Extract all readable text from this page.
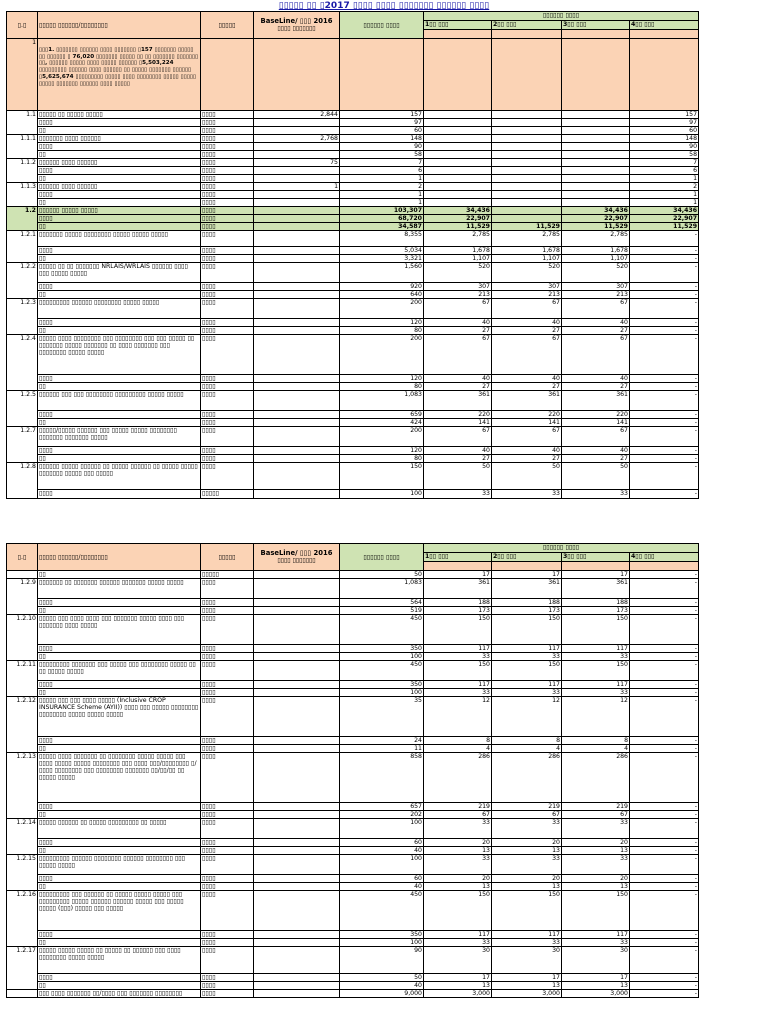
▯▯▯▯▯ ▯▯ ▯2017 ▯▯▯▯ ▯▯▯▯ ▯▯▯▯▯▯▯ ▯▯▯▯▯▯ ▯▯▯▯
▯.▯	▯▯▯▯▯ ▯▯▯▯▯▯/▯▯▯▯▯▯▯▯	▯▯▯▯▯	BaseLine/ ▯▯▯ 2016
▯▯▯▯ ▯▯▯▯▯▯▯	▯▯▯▯▯▯ ▯▯▯▯	▯▯▯▯▯▯ ▯▯▯▯			
					1▯▯ ▯▯▯	2▯▯ ▯▯▯	3▯▯ ▯▯▯	4▯▯ ▯▯▯

1	▯▯▯1. ▯▯▯▯▯▯▯ ▯▯▯▯▯▯ ▯▯▯▯ ▯▯▯▯▯▯▯ ▯157 ▯▯▯▯▯▯▯ ▯▯▯▯▯ ▯▯ ▯▯▯▯▯▯ ▯ 76,020 ▯▯▯▯▯▯▯ ▯▯▯▯▯ ▯▯ ▯▯ ▯▯▯▯▯▯▯ ▯▯▯▯▯▯▯ ▯▯, ▯▯▯▯▯▯ ▯▯▯▯▯ ▯▯▯▯ ▯▯▯▯▯ ▯▯▯▯▯▯ ▯5,503,224 ▯▯▯▯▯▯▯▯▯ ▯▯▯▯▯▯ ▯▯▯▯ ▯▯▯▯▯▯ ▯▯ ▯▯▯▯▯ ▯▯▯▯▯▯▯ ▯▯▯▯▯▯ ▯5,625,674 ▯▯▯▯▯▯▯▯▯ ▯▯▯▯▯ ▯▯▯▯ ▯▯▯▯▯▯▯▯ ▯▯▯▯▯ ▯▯▯▯▯ ▯▯▯▯▯ ▯▯▯▯▯▯▯ ▯▯▯▯▯▯ ▯▯▯▯ ▯▯▯▯▯							
1.1	▯▯▯▯▯ ▯▯ ▯▯▯▯▯ ▯▯▯▯▯	▯▯▯▯	2,844	157				157
	▯▯▯▯	▯▯▯▯		97				97
	▯▯	▯▯▯▯		60				60
1.1.1	▯▯▯▯▯▯▯ ▯▯▯▯ ▯▯▯▯▯▯	▯▯▯▯	2,768	148				148
	▯▯▯▯	▯▯▯▯		90				90
	▯▯	▯▯▯▯		58				58
1.1.2	▯▯▯▯▯▯ ▯▯▯▯ ▯▯▯▯▯▯	▯▯▯▯	75	7				7
	▯▯▯▯	▯▯▯▯		6				6
	▯▯	▯▯▯▯		1				1
1.1.3	▯▯▯▯▯▯ ▯▯▯▯ ▯▯▯▯▯▯	▯▯▯▯	1	2				2
	▯▯▯▯	▯▯▯▯		1				1
	▯▯	▯▯▯▯		1				1
1.2	▯▯▯▯▯▯ ▯▯▯▯▯ ▯▯▯▯▯	▯▯▯▯		103,307	34,436		34,436	34,436
	▯▯▯▯	▯▯▯▯		68,720	22,907		22,907	22,907
	▯▯	▯▯▯▯		34,587	11,529	11,529	11,529	11,529
1.2.1	▯▯▯▯▯▯▯ ▯▯▯▯▯ ▯▯▯▯▯▯▯▯ ▯▯▯▯▯ ▯▯▯▯▯ ▯▯▯▯▯	▯▯▯▯		8,355	2,785	2,785	2,785	-
	▯▯▯▯	▯▯▯▯		5,034	1,678	1,678	1,678	-
	▯▯	▯▯▯▯		3,321	1,107	1,107	1,107	-
1.2.2	▯▯▯▯▯ ▯▯ ▯▯ ▯▯▯▯▯▯▯ NRLAIS/WRLAIS ▯▯▯▯▯▯ ▯▯▯▯ ▯▯▯ ▯▯▯▯▯ ▯▯▯▯▯	▯▯▯▯		1,560	520	520	520	-
	▯▯▯▯	▯▯▯▯		920	307	307	307	-
	▯▯	▯▯▯▯		640	213	213	213	-
1.2.3	▯▯▯▯▯▯▯▯▯ ▯▯▯▯▯▯ ▯▯▯▯▯▯▯▯ ▯▯▯▯▯ ▯▯▯▯▯	▯▯▯▯		200	67	67	67	-
	▯▯▯▯	▯▯▯▯		120	40	40	40	-
	▯▯	▯▯▯▯		80	27	27	27	-
1.2.4	▯▯▯▯▯ ▯▯▯▯ ▯▯▯▯▯▯▯▯ ▯▯▯ ▯▯▯▯▯▯▯▯ ▯▯▯ ▯▯▯ ▯▯▯▯▯ ▯▯ ▯▯▯▯▯▯▯ ▯▯▯▯▯ ▯▯▯▯▯▯▯ ▯▯ ▯▯▯▯ ▯▯▯▯▯▯▯ ▯▯▯ ▯▯▯▯▯▯▯▯ ▯▯▯▯▯ ▯▯▯▯▯	▯▯▯▯		200	67	67	67	-
	▯▯▯▯	▯▯▯▯		120	40	40	40	-
	▯▯	▯▯▯▯		80	27	27	27	-
1.2.5	▯▯▯▯▯▯ ▯▯▯ ▯▯▯ ▯▯▯▯▯▯▯▯ ▯▯▯▯▯▯▯▯▯ ▯▯▯▯▯ ▯▯▯▯▯	▯▯▯▯		1,083	361	361	361	-
	▯▯▯▯	▯▯▯▯		659	220	220	220	-
	▯▯	▯▯▯▯		424	141	141	141	-
1.2.7	▯▯▯▯▯/▯▯▯▯▯ ▯▯▯▯▯▯ ▯▯▯ ▯▯▯▯▯ ▯▯▯▯▯ ▯▯▯▯▯▯▯▯ ▯▯▯▯▯▯▯ ▯▯▯▯▯▯▯ ▯▯▯▯▯	▯▯▯▯		200	67	67	67	-
	▯▯▯▯	▯▯▯▯		120	40	40	40	-
	▯▯	▯▯▯▯		80	27	27	27	-
1.2.8	▯▯▯▯▯▯ ▯▯▯▯▯ ▯▯▯▯▯▯ ▯▯ ▯▯▯▯▯ ▯▯▯▯▯▯ ▯▯ ▯▯▯▯▯ ▯▯▯▯▯ ▯▯▯▯▯▯▯ ▯▯▯▯▯ ▯▯▯ ▯▯▯▯▯	▯▯▯▯		150	50	50	50	-
	▯▯▯▯	▯▯▯▯▯		100	33	33	33	-
▯.▯	▯▯▯▯▯ ▯▯▯▯▯▯/▯▯▯▯▯▯▯▯	▯▯▯▯▯	BaseLine/ ▯▯▯ 2016
▯▯▯▯ ▯▯▯▯▯▯▯	▯▯▯▯▯▯ ▯▯▯▯	▯▯▯▯▯▯ ▯▯▯▯			
					1▯▯ ▯▯▯	2▯▯ ▯▯▯	3▯▯ ▯▯▯	4▯▯ ▯▯▯

	▯▯	▯▯▯▯▯		50	17	17	17	-
1.2.9	▯▯▯▯▯▯▯ ▯▯ ▯▯▯▯▯▯▯ ▯▯▯▯▯▯ ▯▯▯▯▯▯▯ ▯▯▯▯▯ ▯▯▯▯▯	▯▯▯▯		1,083	361	361	361	-
	▯▯▯▯	▯▯▯▯		564	188	188	188	-
	▯▯	▯▯▯▯		519	173	173	173	-
1.2.10	▯▯▯▯▯ ▯▯▯ ▯▯▯▯ ▯▯▯▯ ▯▯▯ ▯▯▯▯▯▯▯ ▯▯▯▯▯ ▯▯▯▯ ▯▯▯ ▯▯▯▯▯▯▯ ▯▯▯▯ ▯▯▯▯▯	▯▯▯▯		450	150	150	150	-
	▯▯▯▯	▯▯▯▯		350	117	117	117	-
	▯▯	▯▯▯▯		100	33	33	33	-
1.2.11	▯▯▯▯▯▯▯▯▯ ▯▯▯▯▯▯▯ ▯▯▯ ▯▯▯▯▯ ▯▯▯ ▯▯▯▯▯▯▯▯ ▯▯▯▯▯ ▯▯ ▯▯ ▯▯▯▯▯ ▯▯▯▯▯	▯▯▯▯		450	150	150	150	-
	▯▯▯▯	▯▯▯▯		350	117	117	117	-
	▯▯	▯▯▯▯		100	33	33	33	-
1.2.12	▯▯▯▯▯ ▯▯▯ ▯▯▯ ▯▯▯▯ ▯▯▯▯▯ (Inclusive CROP INSURANCE Scheme (AYII)) ▯▯▯▯ ▯▯▯ ▯▯▯▯▯ ▯▯▯▯▯▯▯▯ ▯▯▯▯▯▯▯▯ ▯▯▯▯▯ ▯▯▯▯▯ ▯▯▯▯▯	▯▯▯▯		35	12	12	12	-
	▯▯▯▯	▯▯▯▯		24	8	8	8	-
	▯▯	▯▯▯▯		11	4	4	4	-
1.2.13	▯▯▯▯▯ ▯▯▯▯ ▯▯▯▯▯▯▯ ▯▯ ▯▯▯▯▯▯▯▯ ▯▯▯▯▯ ▯▯▯▯▯ ▯▯▯ ▯▯▯▯ ▯▯▯▯▯ ▯▯▯▯▯ ▯▯▯▯▯▯▯▯ ▯▯▯ ▯▯▯▯ ▯▯▯/▯▯▯▯▯▯▯▯ ▯/▯▯▯▯ ▯▯▯▯▯▯▯▯ ▯▯▯ ▯▯▯▯▯▯▯▯ ▯▯▯▯▯▯▯ ▯▯/▯▯/▯▯ ▯▯ ▯▯▯▯▯ ▯▯▯▯▯	▯▯▯▯		858	286	286	286	-
	▯▯▯▯	▯▯▯▯		657	219	219	219	-
	▯▯	▯▯▯▯		202	67	67	67	-
1.2.14	▯▯▯▯▯ ▯▯▯▯▯▯ ▯▯ ▯▯▯▯▯ ▯▯▯▯▯▯▯▯▯ ▯▯ ▯▯▯▯▯	▯▯▯▯		100	33	33	33	-
	▯▯▯▯	▯▯▯▯		60	20	20	20	-
	▯▯	▯▯▯▯		40	13	13	13	-
1.2.15	▯▯▯▯▯▯▯▯▯ ▯▯▯▯▯▯ ▯▯▯▯▯▯▯▯ ▯▯▯▯▯▯ ▯▯▯▯▯▯▯▯ ▯▯▯ ▯▯▯▯▯ ▯▯▯▯▯	▯▯▯▯		100	33	33	33	-
	▯▯▯▯	▯▯▯▯		60	20	20	20	-
	▯▯	▯▯▯▯		40	13	13	13	-
1.2.16	▯▯▯▯▯▯▯▯▯ ▯▯▯ ▯▯▯▯▯▯ ▯▯ ▯▯▯▯▯ ▯▯▯▯▯ ▯▯▯▯▯ ▯▯▯ ▯▯▯▯▯▯▯▯▯ ▯▯▯▯▯ ▯▯▯▯▯▯ ▯▯▯▯▯▯ ▯▯▯▯▯ ▯▯▯ ▯▯▯▯▯ ▯▯▯▯▯ (▯▯▯) ▯▯▯▯▯ ▯▯▯ ▯▯▯▯▯	▯▯▯▯		450	150	150	150	-
	▯▯▯▯	▯▯▯▯		350	117	117	117	-
	▯▯	▯▯▯▯		100	33	33	33	-
1.2.17	▯▯▯▯▯ ▯▯▯▯▯ ▯▯▯▯▯ ▯▯ ▯▯▯▯▯ ▯▯ ▯▯▯▯▯▯ ▯▯▯ ▯▯▯▯ ▯▯▯▯▯▯▯▯ ▯▯▯▯▯ ▯▯▯▯▯	▯▯▯▯		90	30	30	30	-
	▯▯▯▯	▯▯▯▯		50	17	17	17	-
	▯▯	▯▯▯▯		40	13	13	13	-
	▯▯▯ ▯▯▯▯ ▯▯▯▯▯▯▯ ▯▯/▯▯▯▯ ▯▯▯ ▯▯▯▯▯▯▯ ▯▯▯▯▯▯▯▯	▯▯▯▯		9,000	3,000	3,000	3,000	-
